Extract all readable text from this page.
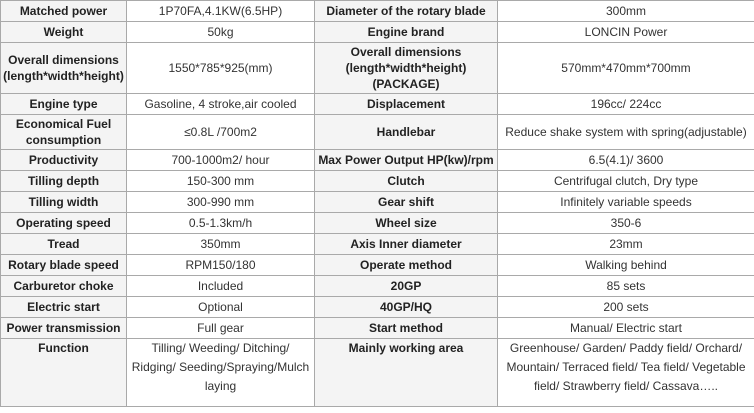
Matched power	1P70FA,4.1KW(6.5HP)	Diameter of the rotary blade	300mm
Weight	50kg	Engine brand	LONCIN Power

Overall dimensions (length*width*height)	1550*785*925(mm)	Overall dimensions (length*width*height) (PACKAGE)	570mm*470mm*700mm

Engine type	Gasoline, 4 stroke,air cooled	Displacement	196cc/ 224cc

Economical Fuel consumption	≤0.8L /700m2	Handlebar	Reduce shake system with spring(adjustable)

Productivity	700-1000m2/ hour	Max Power Output HP(kw)/rpm	6.5(4.1)/ 3600
Tilling depth	150-300 mm	Clutch	Centrifugal clutch, Dry type
Tilling width	300-990 mm	Gear shift	Infinitely variable speeds
Operating speed	0.5-1.3km/h	Wheel size	350-6
Tread	350mm	Axis Inner diameter	23mm
Rotary blade speed	RPM150/180	Operate method	Walking behind
Carburetor choke	Included	20GP	85 sets
Electric start	Optional	40GP/HQ	200 sets
Power transmission	Full gear	Start method	Manual/ Electric start
Function	Tilling/ Weeding/ Ditching/ Ridging/ Seeding/Spraying/Mulch laying	Mainly working area	Greenhouse/ Garden/ Paddy field/ Orchard/ Mountain/ Terraced field/ Tea field/ Vegetable field/ Strawberry field/ Cassava…..
